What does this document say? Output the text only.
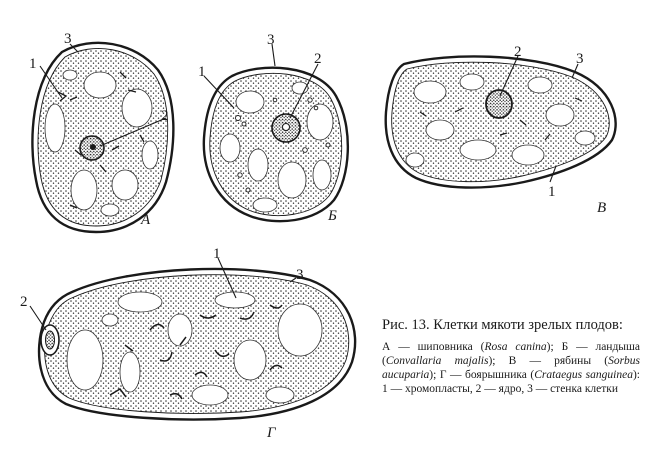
1
2
3
1
2
3
2	3
1
1
3
2
А	Б	В
Г
Рис. 13. Клетки мякоти зрелых плодов:
А — шиповника (Rosa canina); Б — ландыша (Convallaria majalis); В — рябины (Sorbus aucuparia); Г — боярышника (Crataegus sanguinea): 1 — хромопласты, 2 — ядро, 3 — стенка клетки
